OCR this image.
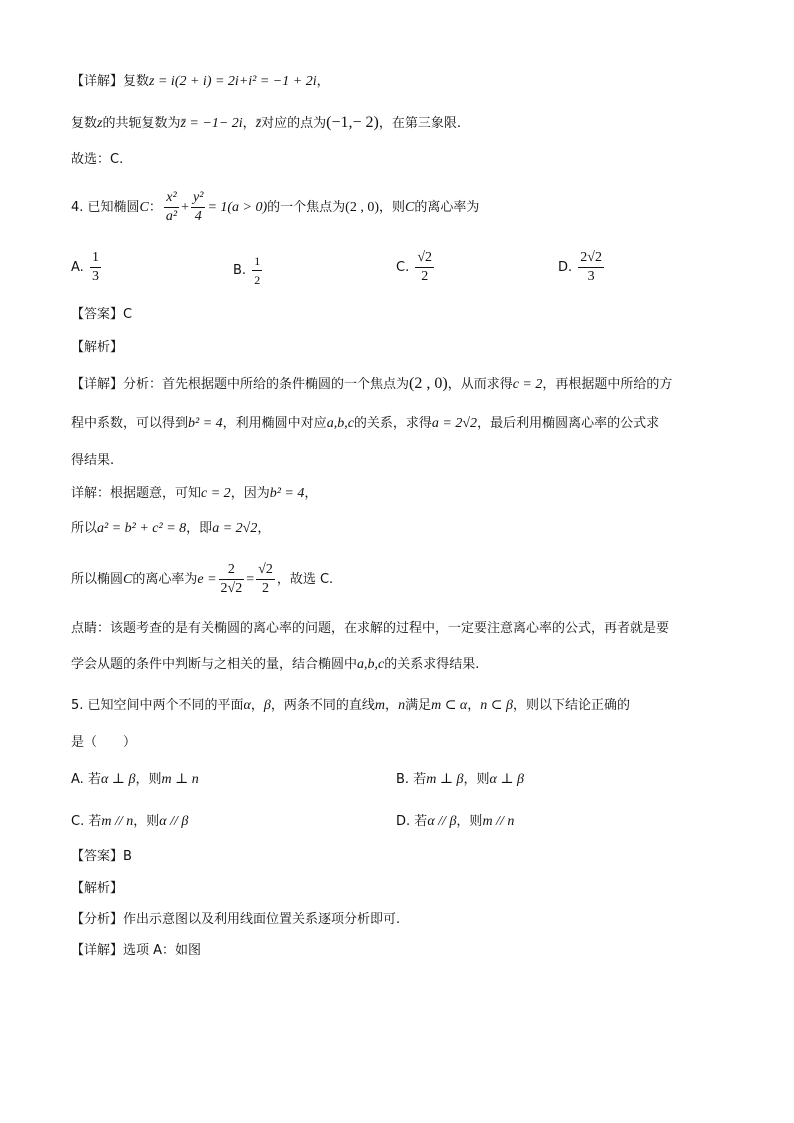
【详解】复数z = i(2 + i) = 2i+i² = −1 + 2i，
复数z的共轭复数为z̄ = −1− 2i，z̄对应的点为(−1,− 2)，在第三象限.
故选：C.
4. 已知椭圆C： $\frac{\text{x²}}{\text{a²}} + \frac{\text{y²}}{4} = 1(a > 0)$的一个焦点为(2 , 0)，则C的离心率为
A. $\frac{1}{3}$	B. $\frac{1}{2}$	C. $\frac{√2}{2}$	D. $\frac{2√2}{3}$
【答案】C
【解析】
【详解】分析：首先根据题中所给的条件椭圆的一个焦点为(2 , 0)，从而求得c = 2，再根据题中所给的方
程中系数，可以得到b² = 4，利用椭圆中对应a,b,c的关系，求得a = 2√2，最后利用椭圆离心率的公式求
得结果.
详解：根据题意，可知c = 2，因为b² = 4，
所以a² = b² + c² = 8，即a = 2√2，
所以椭圆C的离心率为$e = \frac{2}{2√2} = \frac{√2}{2}$ ，故选 C.
点睛：该题考查的是有关椭圆的离心率的问题，在求解的过程中，一定要注意离心率的公式，再者就是要
学会从题的条件中判断与之相关的量，结合椭圆中a,b,c的关系求得结果.
5. 已知空间中两个不同的平面α，β，两条不同的直线m，n满足m ⊂ α，n ⊂ β，则以下结论正确的
是（　　）
A. 若α ⊥ β，则m ⊥ n	B. 若m ⊥ β，则α ⊥ β
C. 若m // n，则α // β	D. 若α // β，则m // n
【答案】B
【解析】
【分析】作出示意图以及利用线面位置关系逐项分析即可.
【详解】选项 A：如图
